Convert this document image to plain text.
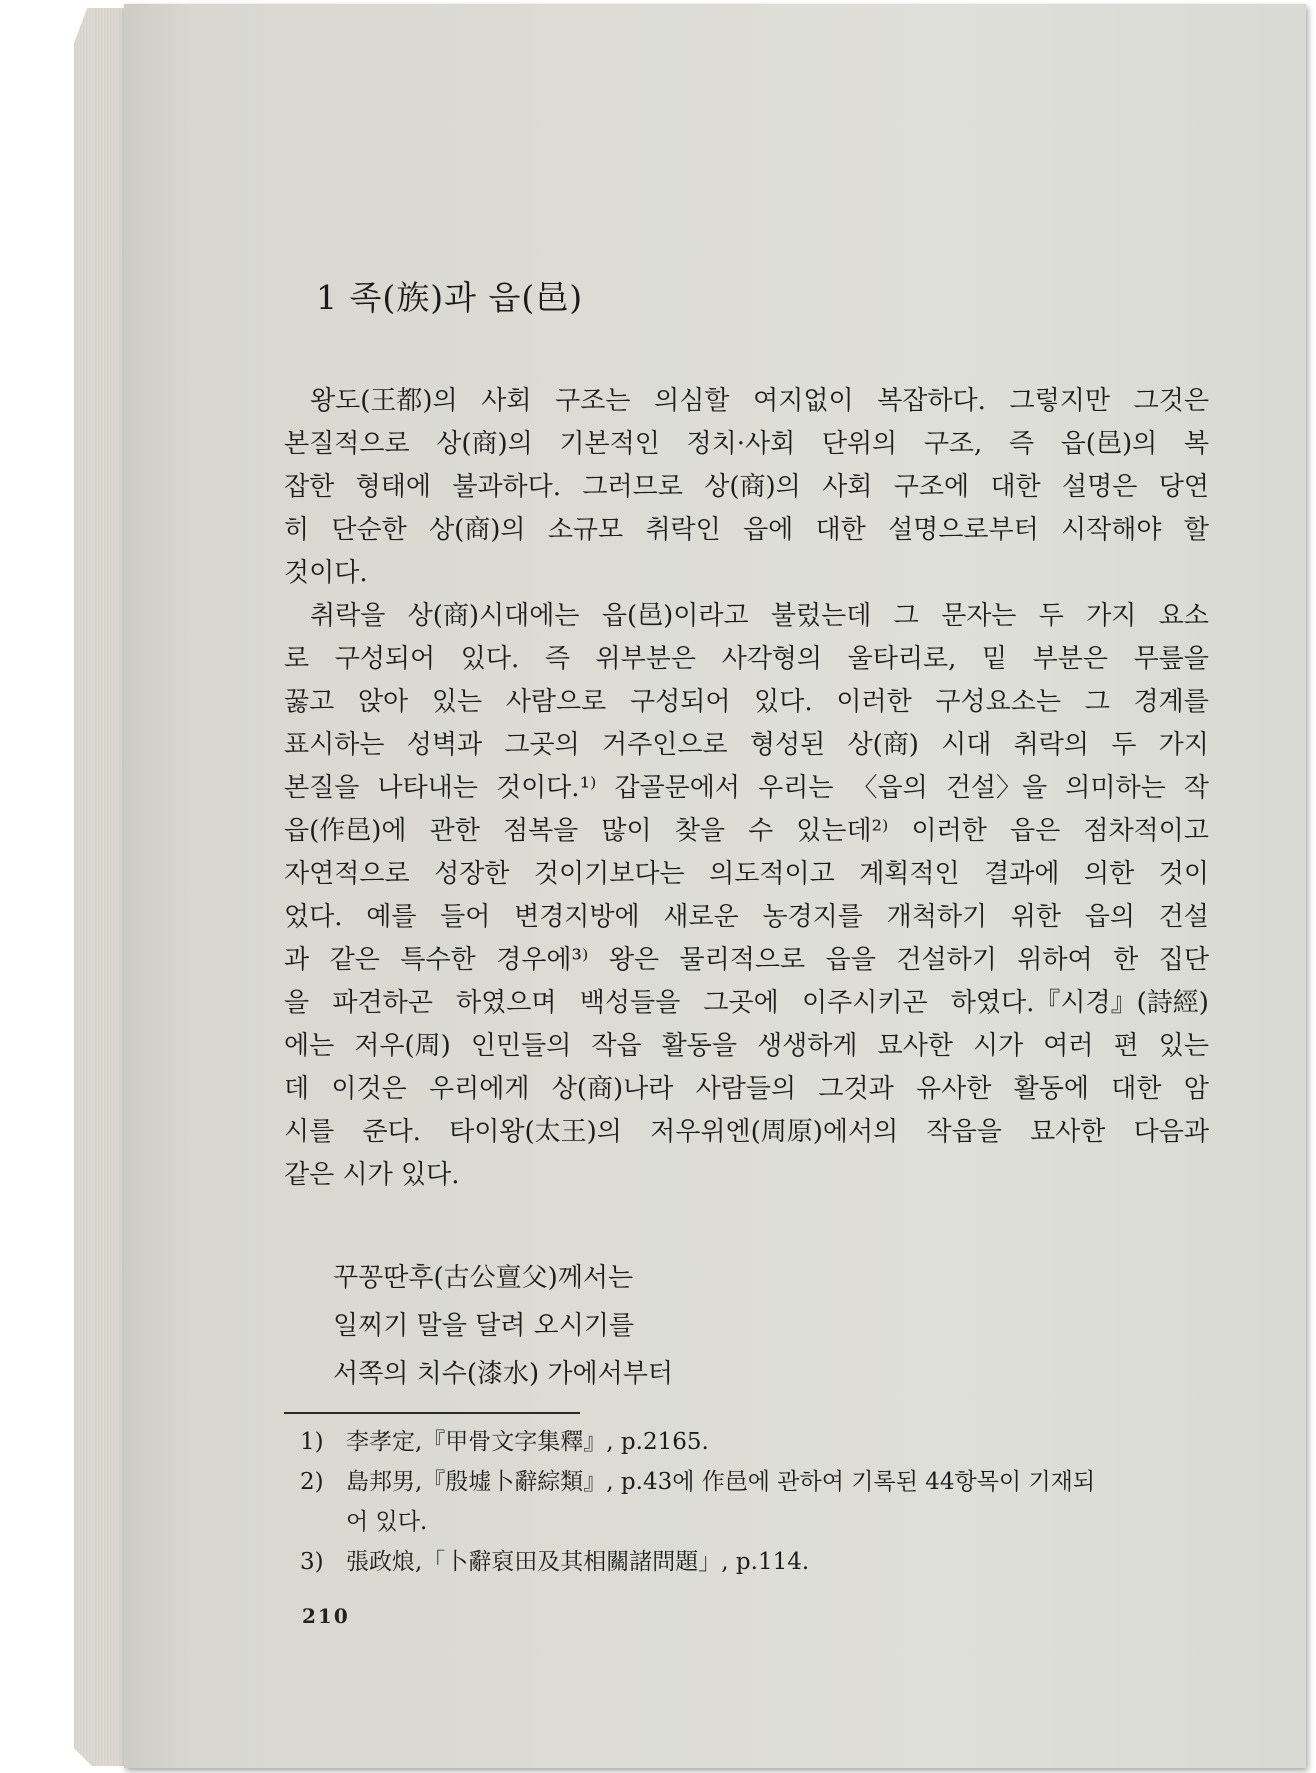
1 족(族)과 읍(邑)
왕도(王都)의 사회 구조는 의심할 여지없이 복잡하다. 그렇지만 그것은
본질적으로 상(商)의 기본적인 정치·사회 단위의 구조, 즉 읍(邑)의 복
잡한 형태에 불과하다. 그러므로 상(商)의 사회 구조에 대한 설명은 당연
히 단순한 상(商)의 소규모 취락인 읍에 대한 설명으로부터 시작해야 할
것이다.
취락을 상(商)시대에는 읍(邑)이라고 불렀는데 그 문자는 두 가지 요소
로 구성되어 있다. 즉 위부분은 사각형의 울타리로, 밑 부분은 무릎을
꿇고 앉아 있는 사람으로 구성되어 있다. 이러한 구성요소는 그 경계를
표시하는 성벽과 그곳의 거주인으로 형성된 상(商) 시대 취락의 두 가지
본질을 나타내는 것이다.¹⁾ 갑골문에서 우리는 〈읍의 건설〉을 의미하는 작
읍(作邑)에 관한 점복을 많이 찾을 수 있는데²⁾ 이러한 읍은 점차적이고
자연적으로 성장한 것이기보다는 의도적이고 계획적인 결과에 의한 것이
었다. 예를 들어 변경지방에 새로운 농경지를 개척하기 위한 읍의 건설
과 같은 특수한 경우에³⁾ 왕은 물리적으로 읍을 건설하기 위하여 한 집단
을 파견하곤 하였으며 백성들을 그곳에 이주시키곤 하였다.『시경』(詩經)
에는 저우(周) 인민들의 작읍 활동을 생생하게 묘사한 시가 여러 편 있는
데 이것은 우리에게 상(商)나라 사람들의 그것과 유사한 활동에 대한 암
시를 준다. 타이왕(太王)의 저우위엔(周原)에서의 작읍을 묘사한 다음과
같은 시가 있다.
꾸꽁딴후(古公亶父)께서는
일찌기 말을 달려 오시기를
서쪽의 치수(漆水) 가에서부터
1) 李孝定,『甲骨文字集釋』, p.2165.
2) 島邦男,『殷墟卜辭綜類』, p.43에 作邑에 관하여 기록된 44항목이 기재되
어 있다.
3) 張政烺,「卜辭裒田及其相關諸問題」, p.114.
210
